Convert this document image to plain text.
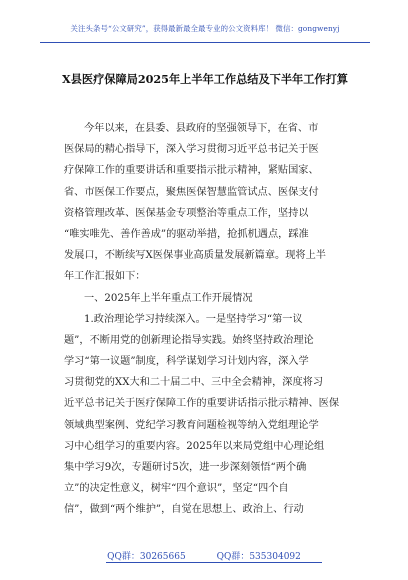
关注头条号“公文研究”，获得最新最全最专业的公文资料库！ 微信：gongwenyj
X县医疗保障局2025年上半年工作总结及下半年工作打算
今年以来，在县委、县政府的坚强领导下，在省、市
医保局的精心指导下，深入学习贯彻习近平总书记关于医
疗保障工作的重要讲话和重要指示批示精神，紧贴国家、
省、市医保工作要点，聚焦医保智慧监管试点、医保支付
资格管理改革、医保基金专项整治等重点工作，坚持以
“唯实唯先、善作善成”的驱动举措，抢抓机遇点，踩准
发展口，不断续写X医保事业高质量发展新篇章。现将上半
年工作汇报如下：
一、2025年上半年重点工作开展情况
1.政治理论学习持续深入。一是坚持学习“第一议
题”，不断用党的创新理论指导实践。始终坚持政治理论
学习“第一议题”制度，科学谋划学习计划内容，深入学
习贯彻党的XX大和二十届二中、三中全会精神，深度将习
近平总书记关于医疗保障工作的重要讲话指示批示精神、医保
领域典型案例、党纪学习教育问题检视等纳入党组理论学
习中心组学习的重要内容。2025年以来局党组中心理论组
集中学习9次，专题研讨5次，进一步深刻领悟“两个确
立”的决定性意义，树牢“四个意识”，坚定“四个自
信”，做到“两个维护”，自觉在思想上、政治上、行动
QQ群：30265665	QQ群：535304092
